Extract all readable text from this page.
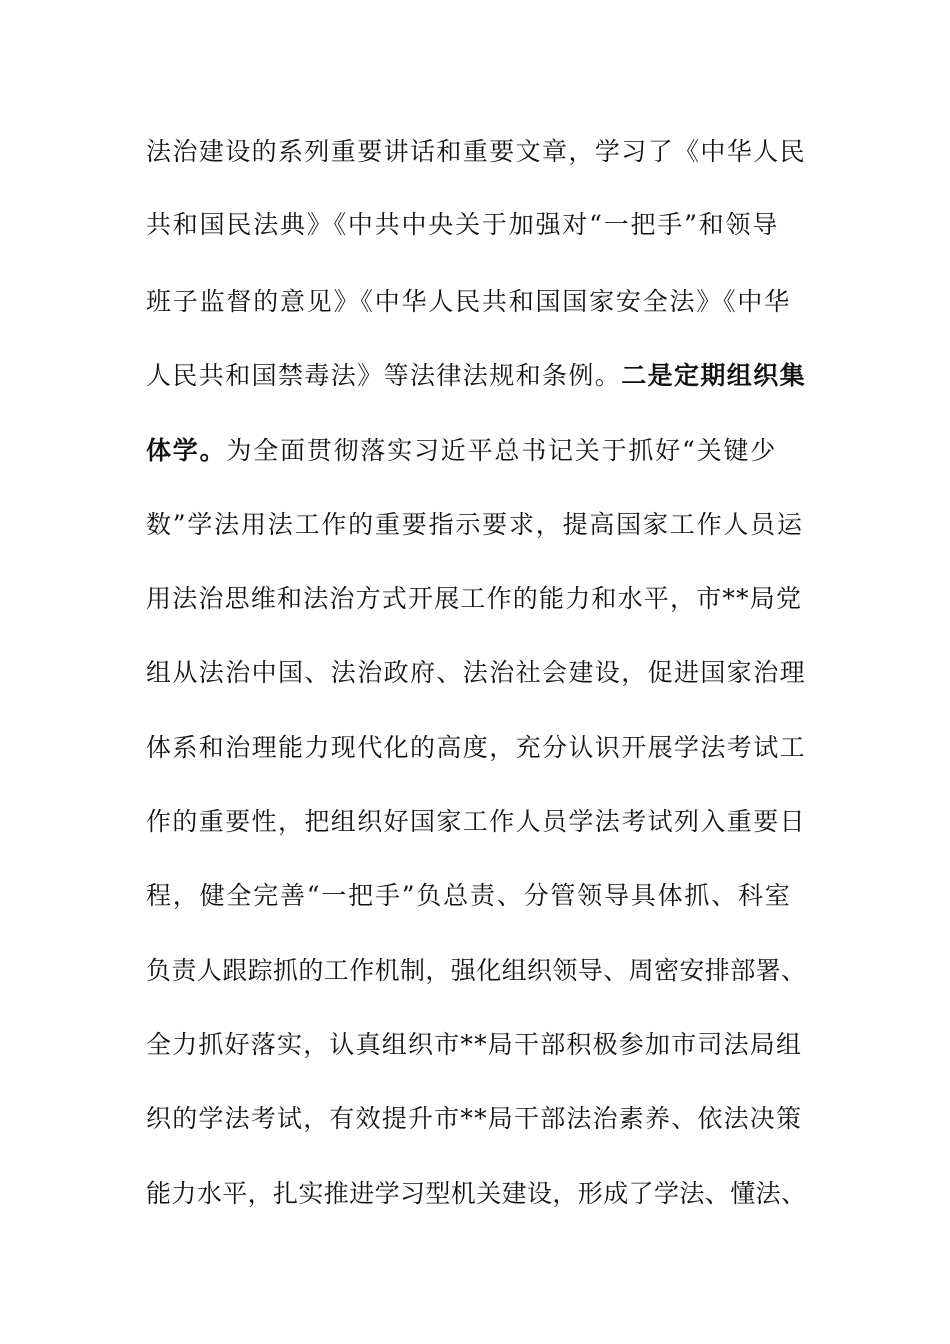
法治建设的系列重要讲话和重要文章，学习了《中华人民
共和国民法典》《中共中央关于加强对“一把手”和领导
班子监督的意见》《中华人民共和国国家安全法》《中华
人民共和国禁毒法》等法律法规和条例。二是定期组织集
体学。为全面贯彻落实习近平总书记关于抓好“关键少
数”学法用法工作的重要指示要求，提高国家工作人员运
用法治思维和法治方式开展工作的能力和水平，市**局党
组从法治中国、法治政府、法治社会建设，促进国家治理
体系和治理能力现代化的高度，充分认识开展学法考试工
作的重要性，把组织好国家工作人员学法考试列入重要日
程，健全完善“一把手”负总责、分管领导具体抓、科室
负责人跟踪抓的工作机制，强化组织领导、周密安排部署、
全力抓好落实，认真组织市**局干部积极参加市司法局组
织的学法考试，有效提升市**局干部法治素养、依法决策
能力水平，扎实推进学习型机关建设，形成了学法、懂法、
